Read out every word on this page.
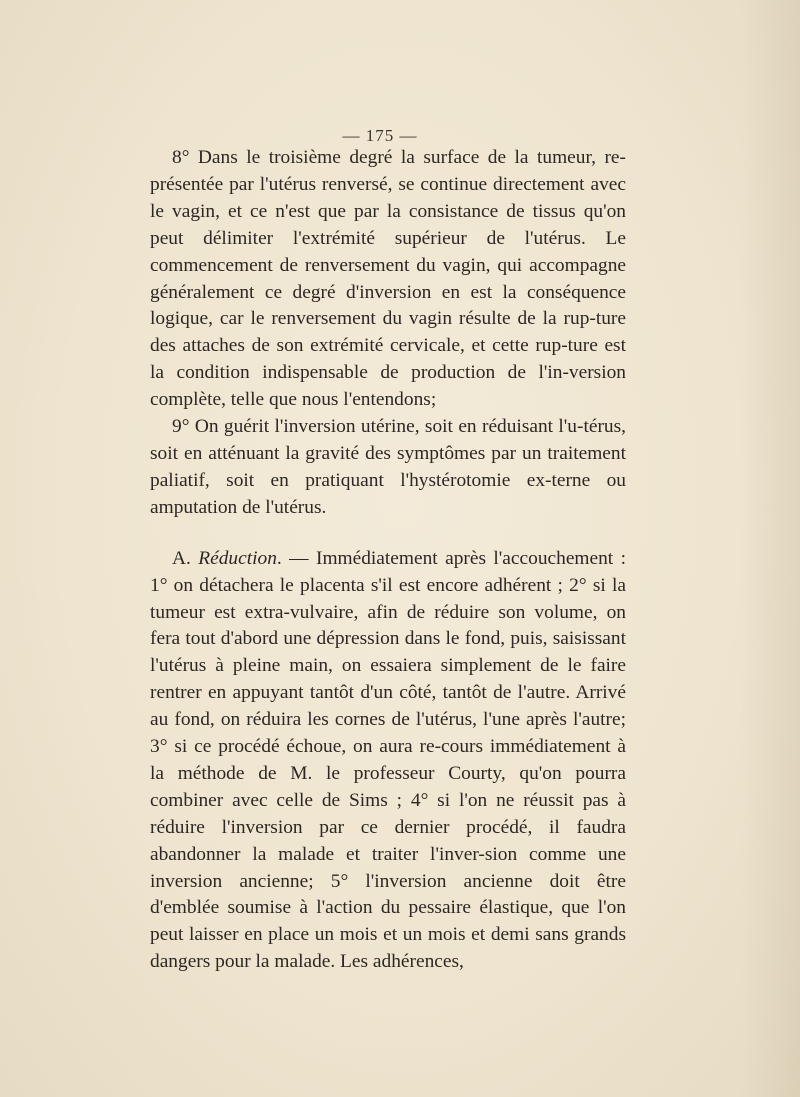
— 175 —

8° Dans le troisième degré la surface de la tumeur, re-présentée par l'utérus renversé, se continue directement avec le vagin, et ce n'est que par la consistance de tissus qu'on peut délimiter l'extrémité supérieur de l'utérus. Le commencement de renversement du vagin, qui accompagne généralement ce degré d'inversion en est la conséquence logique, car le renversement du vagin résulte de la rup-ture des attaches de son extrémité cervicale, et cette rup-ture est la condition indispensable de production de l'in-version complète, telle que nous l'entendons;

9° On guérit l'inversion utérine, soit en réduisant l'u-térus, soit en atténuant la gravité des symptômes par un traitement paliatif, soit en pratiquant l'hystérotomie ex-terne ou amputation de l'utérus.

A. Réduction. — Immédiatement après l'accouchement : 1° on détachera le placenta s'il est encore adhérent ; 2° si la tumeur est extra-vulvaire, afin de réduire son volume, on fera tout d'abord une dépression dans le fond, puis, saisissant l'utérus à pleine main, on essaiera simplement de le faire rentrer en appuyant tantôt d'un côté, tantôt de l'autre. Arrivé au fond, on réduira les cornes de l'utérus, l'une après l'autre; 3° si ce procédé échoue, on aura re-cours immédiatement à la méthode de M. le professeur Courty, qu'on pourra combiner avec celle de Sims ; 4° si l'on ne réussit pas à réduire l'inversion par ce dernier procédé, il faudra abandonner la malade et traiter l'inver-sion comme une inversion ancienne; 5° l'inversion ancienne doit être d'emblée soumise à l'action du pessaire élastique, que l'on peut laisser en place un mois et un mois et demi sans grands dangers pour la malade. Les adhérences,
